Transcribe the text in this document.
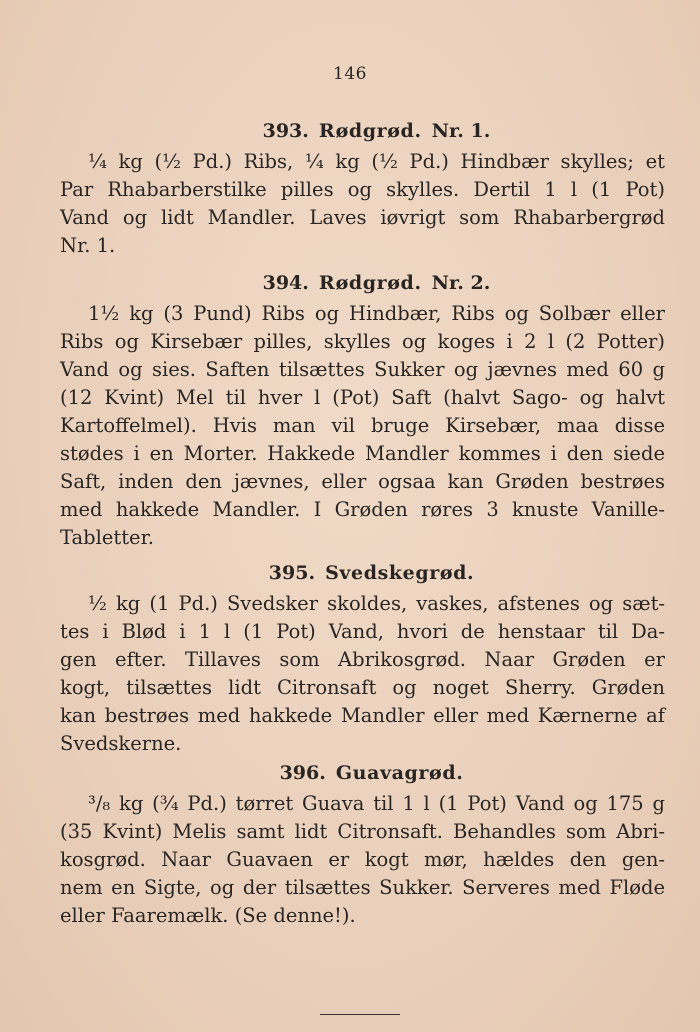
146
393. Rødgrød. Nr. 1.

¼ kg (½ Pd.) Ribs, ¼ kg (½ Pd.) Hindbær skylles; et
Par Rhabarberstilke pilles og skylles. Dertil 1 l (1 Pot)
Vand og lidt Mandler. Laves iøvrigt som Rhabarbergrød
Nr. 1.

394. Rødgrød. Nr. 2.

1½ kg (3 Pund) Ribs og Hindbær, Ribs og Solbær eller
Ribs og Kirsebær pilles, skylles og koges i 2 l (2 Potter)
Vand og sies. Saften tilsættes Sukker og jævnes med 60 g
(12 Kvint) Mel til hver l (Pot) Saft (halvt Sago- og halvt
Kartoffelmel). Hvis man vil bruge Kirsebær, maa disse
stødes i en Morter. Hakkede Mandler kommes i den siede
Saft, inden den jævnes, eller ogsaa kan Grøden bestrøes
med hakkede Mandler. I Grøden røres 3 knuste Vanille-
Tabletter.

395. Svedskegrød.

½ kg (1 Pd.) Svedsker skoldes, vaskes, afstenes og sæt-
tes i Blød i 1 l (1 Pot) Vand, hvori de henstaar til Da-
gen efter. Tillaves som Abrikosgrød. Naar Grøden er
kogt, tilsættes lidt Citronsaft og noget Sherry. Grøden
kan bestrøes med hakkede Mandler eller med Kærnerne af
Svedskerne.

396. Guavagrød.

³/₈ kg (¾ Pd.) tørret Guava til 1 l (1 Pot) Vand og 175 g
(35 Kvint) Melis samt lidt Citronsaft. Behandles som Abri-
kosgrød. Naar Guavaen er kogt mør, hældes den gen-
nem en Sigte, og der tilsættes Sukker. Serveres med Fløde
eller Faaremælk. (Se denne!).
